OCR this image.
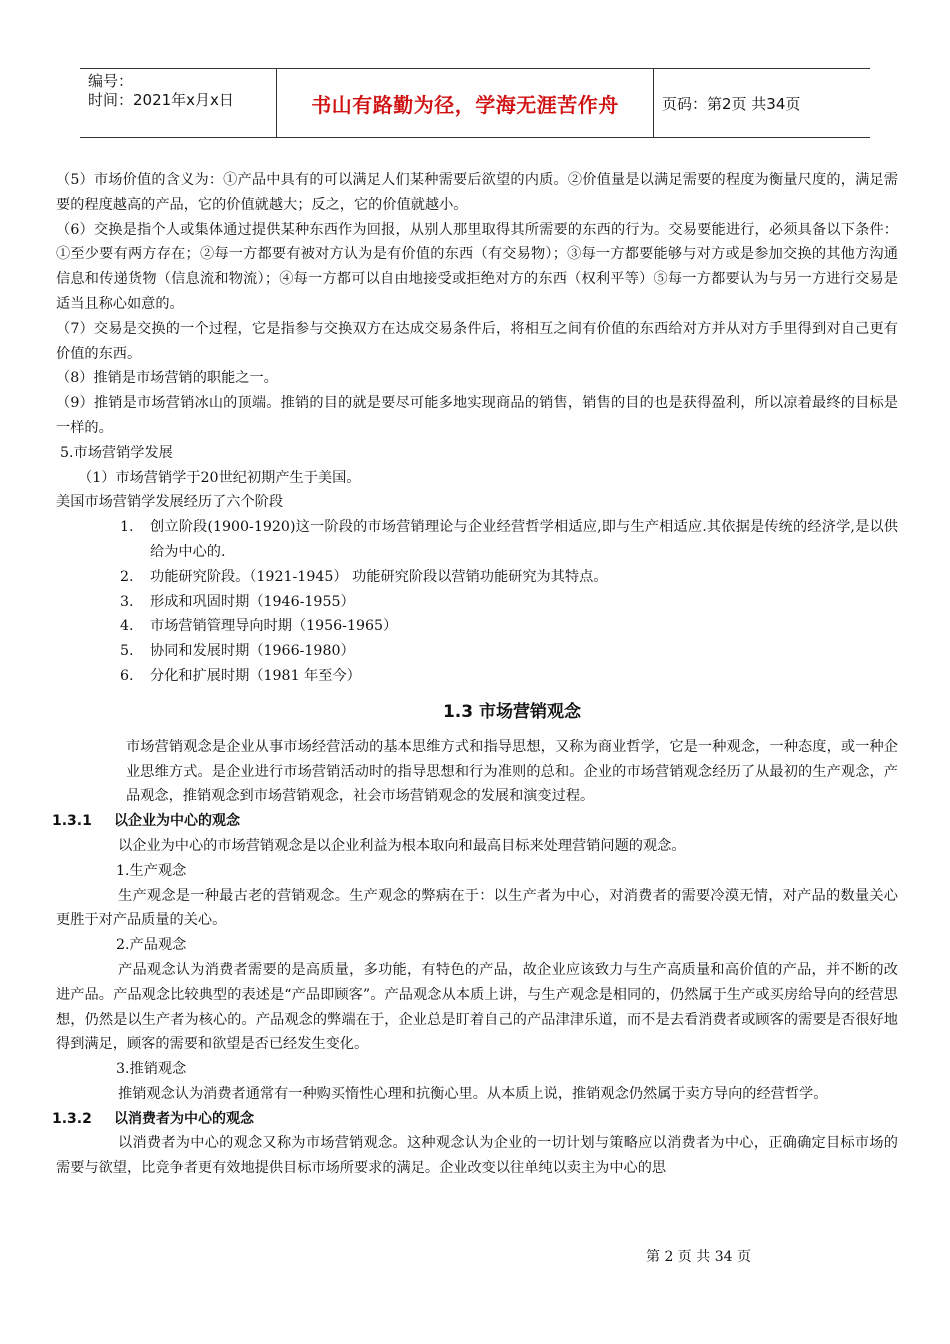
编号：
时间：2021年x月x日	书山有路勤为径，学海无涯苦作舟	页码：第2页 共34页

（5）市场价值的含义为：①产品中具有的可以满足人们某种需要后欲望的内质。②价值量是以满足需要的程度为衡量尺度的，满足需要的程度越高的产品，它的价值就越大；反之，它的价值就越小。

（6）交换是指个人或集体通过提供某种东西作为回报，从别人那里取得其所需要的东西的行为。交易要能进行，必须具备以下条件：①至少要有两方存在；②每一方都要有被对方认为是有价值的东西（有交易物）；③每一方都要能够与对方或是参加交换的其他方沟通信息和传递货物（信息流和物流）；④每一方都可以自由地接受或拒绝对方的东西（权利平等）⑤每一方都要认为与另一方进行交易是适当且称心如意的。

（7）交易是交换的一个过程，它是指参与交换双方在达成交易条件后，将相互之间有价值的东西给对方并从对方手里得到对自己更有价值的东西。

（8）推销是市场营销的职能之一。

（9）推销是市场营销冰山的顶端。推销的目的就是要尽可能多地实现商品的销售，销售的目的也是获得盈利，所以凉着最终的目标是一样的。

5.市场营销学发展

（1）市场营销学于20世纪初期产生于美国。

美国市场营销学发展经历了六个阶段

1.	创立阶段(1900-1920)这一阶段的市场营销理论与企业经营哲学相适应,即与生产相适应.其依据是传统的经济学,是以供给为中心的.
2.	功能研究阶段。（1921-1945） 功能研究阶段以营销功能研究为其特点。
3.	形成和巩固时期（1946-1955）
4.	市场营销管理导向时期（1956-1965）
5.	协同和发展时期（1966-1980）
6.	分化和扩展时期（1981 年至今）
1.3 市场营销观念

市场营销观念是企业从事市场经营活动的基本思维方式和指导思想，又称为商业哲学，它是一种观念，一种态度，或一种企业思维方式。是企业进行市场营销活动时的指导思想和行为准则的总和。企业的市场营销观念经历了从最初的生产观念，产品观念，推销观念到市场营销观念，社会市场营销观念的发展和演变过程。

1.3.1 以企业为中心的观念

以企业为中心的市场营销观念是以企业利益为根本取向和最高目标来处理营销问题的观念。

1.生产观念

生产观念是一种最古老的营销观念。生产观念的弊病在于：以生产者为中心，对消费者的需要冷漠无情，对产品的数量关心更胜于对产品质量的关心。

2.产品观念

产品观念认为消费者需要的是高质量，多功能，有特色的产品，故企业应该致力与生产高质量和高价值的产品，并不断的改进产品。产品观念比较典型的表述是“产品即顾客”。产品观念从本质上讲，与生产观念是相同的，仍然属于生产或买房给导向的经营思想，仍然是以生产者为核心的。产品观念的弊端在于，企业总是盯着自己的产品津津乐道，而不是去看消费者或顾客的需要是否很好地得到满足，顾客的需要和欲望是否已经发生变化。

3.推销观念

推销观念认为消费者通常有一种购买惰性心理和抗衡心里。从本质上说，推销观念仍然属于卖方导向的经营哲学。

1.3.2 以消费者为中心的观念

以消费者为中心的观念又称为市场营销观念。这种观念认为企业的一切计划与策略应以消费者为中心，正确确定目标市场的需要与欲望，比竞争者更有效地提供目标市场所要求的满足。企业改变以往单纯以卖主为中心的思

第 2 页 共 34 页
